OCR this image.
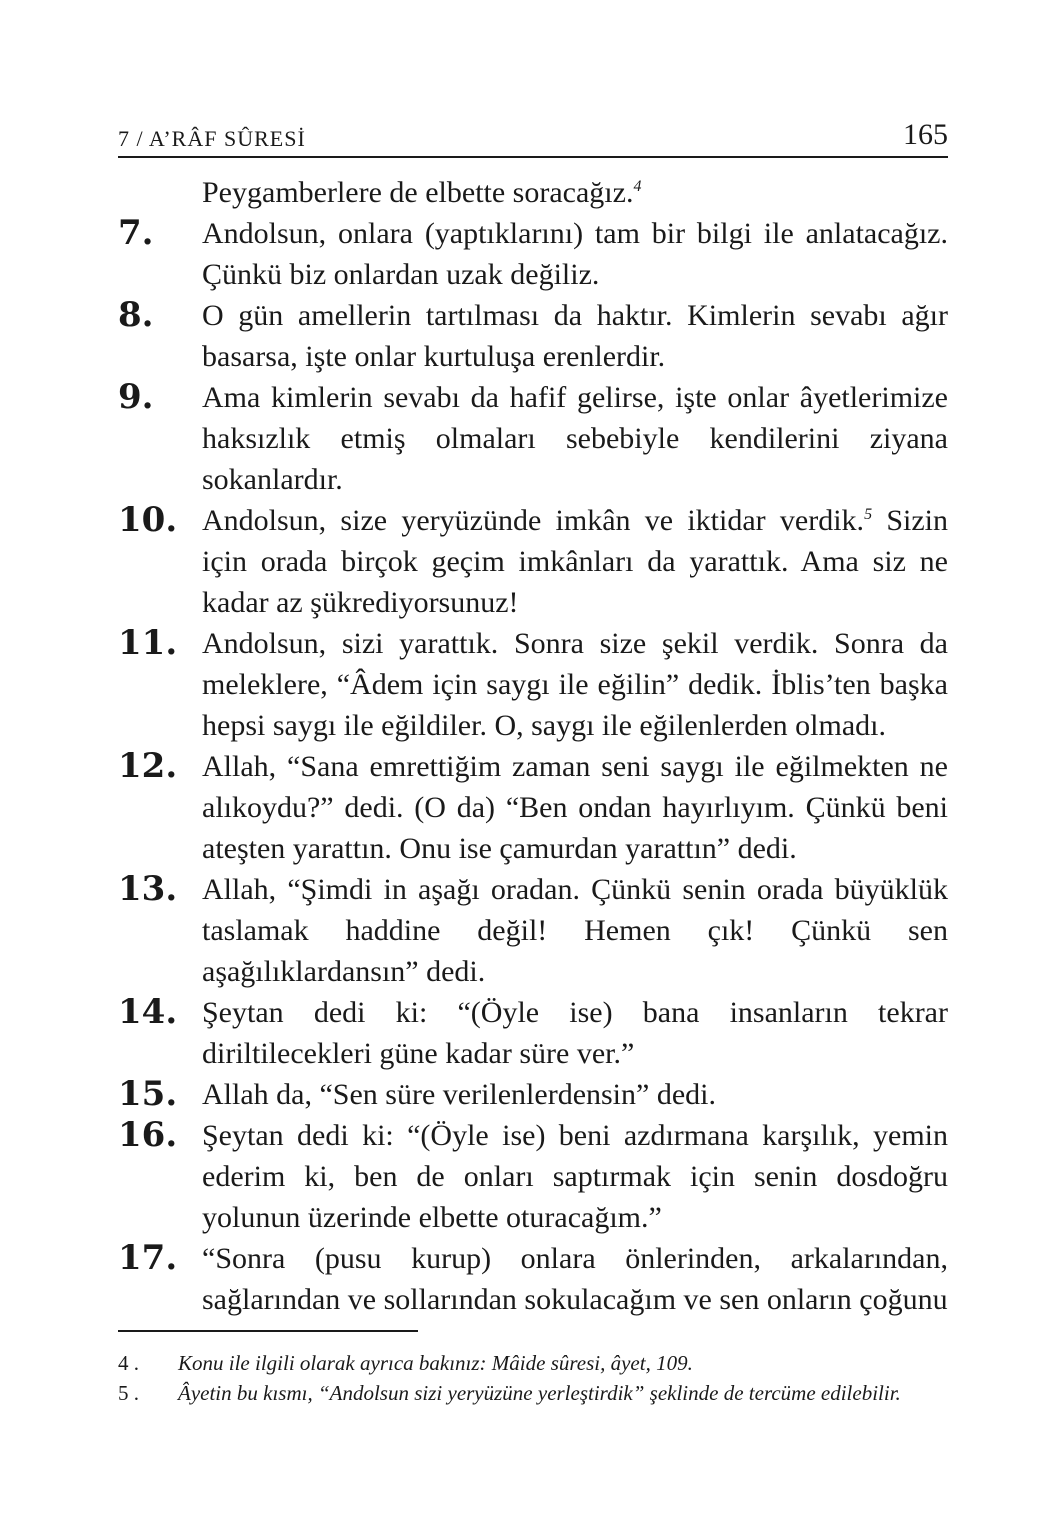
7 / A’RÂF SÛRESİ	165
Peygamberlere de elbette soracağız.$^4$
7. Andolsun, onlara (yaptıklarını) tam bir bilgi ile anlatacağız. Çünkü biz onlardan uzak değiliz.
8. O gün amellerin tartılması da haktır. Kimlerin sevabı ağır basarsa, işte onlar kurtuluşa erenlerdir.
9. Ama kimlerin sevabı da hafif gelirse, işte onlar âyetlerimize haksızlık etmiş olmaları sebebiyle kendilerini ziyana sokanlardır.
10. Andolsun, size yeryüzünde imkân ve iktidar verdik.$^5$ Sizin için orada birçok geçim imkânları da yarattık. Ama siz ne kadar az şükrediyorsunuz!
11. Andolsun, sizi yarattık. Sonra size şekil verdik. Sonra da meleklere, “Âdem için saygı ile eğilin” dedik. İblis’ten başka hepsi saygı ile eğildiler. O, saygı ile eğilenlerden olmadı.
12. Allah, “Sana emrettiğim zaman seni saygı ile eğilmekten ne alıkoydu?” dedi. (O da) “Ben ondan hayırlıyım. Çünkü beni ateşten yarattın. Onu ise çamurdan yarattın” dedi.
13. Allah, “Şimdi in aşağı oradan. Çünkü senin orada büyüklük taslamak haddine değil! Hemen çık! Çünkü sen aşağılıklardansın” dedi.
14. Şeytan dedi ki: “(Öyle ise) bana insanların tekrar diriltilecekleri güne kadar süre ver.”
15. Allah da, “Sen süre verilenlerdensin” dedi.
16. Şeytan dedi ki: “(Öyle ise) beni azdırmana karşılık, yemin ederim ki, ben de onları saptırmak için senin dosdoğru yolunun üzerinde elbette oturacağım.”
17. “Sonra (pusu kurup) onlara önlerinden, arkalarından, sağlarından ve sollarından sokulacağım ve sen onların çoğunu
4 . Konu ile ilgili olarak ayrıca bakınız: Mâide sûresi, âyet, 109.
5 . Âyetin bu kısmı, “Andolsun sizi yeryüzüne yerleştirdik” şeklinde de tercüme edilebilir.
